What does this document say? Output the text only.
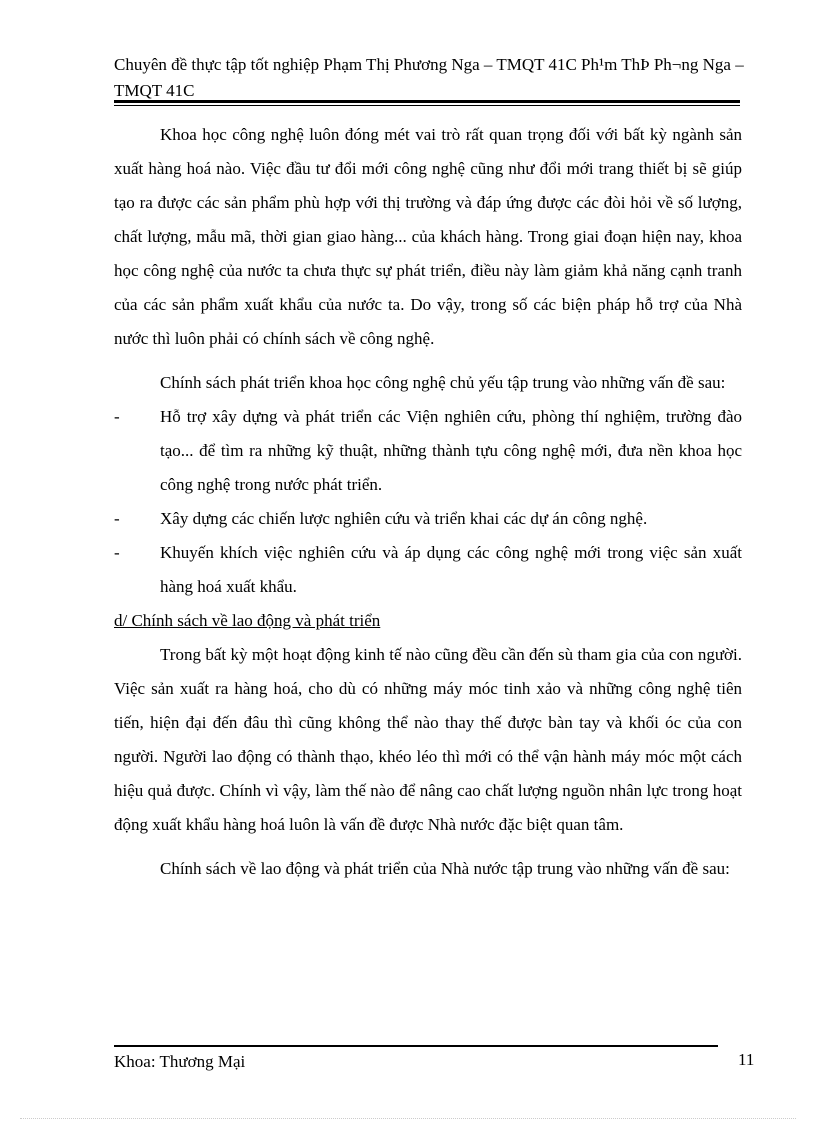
Chuyên đề thực tập tốt nghiệp Phạm Thị Phương Nga – TMQT 41C Ph¹m ThÞ Ph¬ng Nga – TMQT 41C

Khoa học công nghệ luôn đóng mét vai trò rất quan trọng đối với bất kỳ ngành sản xuất hàng hoá nào. Việc đầu tư đổi mới công nghệ cũng như đổi mới trang thiết bị sẽ giúp tạo ra được các sản phẩm phù hợp với thị trường và đáp ứng được các đòi hỏi về số lượng, chất lượng, mẫu mã, thời gian giao hàng... của khách hàng. Trong giai đoạn hiện nay, khoa học công nghệ của nước ta chưa thực sự phát triển, điều này làm giảm khả năng cạnh tranh của các sản phẩm xuất khẩu của nước ta. Do vậy, trong số các biện pháp hỗ trợ của Nhà nước thì luôn phải có chính sách về công nghệ.

Chính sách phát triển khoa học công nghệ chủ yếu tập trung vào những vấn đề sau:

- Hỗ trợ xây dựng và phát triển các Viện nghiên cứu, phòng thí nghiệm, trường đào tạo... để tìm ra những kỹ thuật, những thành tựu công nghệ mới, đưa nền khoa học công nghệ trong nước phát triển.

- Xây dựng các chiến lược nghiên cứu và triển khai các dự án công nghệ.

- Khuyến khích việc nghiên cứu và áp dụng các công nghệ mới trong việc sản xuất hàng hoá xuất khẩu.

d/ Chính sách về lao động và phát triển

Trong bất kỳ một hoạt động kinh tế nào cũng đều cần đến sù tham gia của con người. Việc sản xuất ra hàng hoá, cho dù có những máy móc tinh xảo và những công nghệ tiên tiến, hiện đại đến đâu thì cũng không thể nào thay thế được bàn tay và khối óc của con người. Người lao động có thành thạo, khéo léo thì mới có thể vận hành máy móc một cách hiệu quả được. Chính vì vậy, làm thế nào để nâng cao chất lượng nguồn nhân lực trong hoạt động xuất khẩu hàng hoá luôn là vấn đề được Nhà nước đặc biệt quan tâm.

Chính sách về lao động và phát triển của Nhà nước tập trung vào những vấn đề sau:

Khoa: Thương Mại	11
